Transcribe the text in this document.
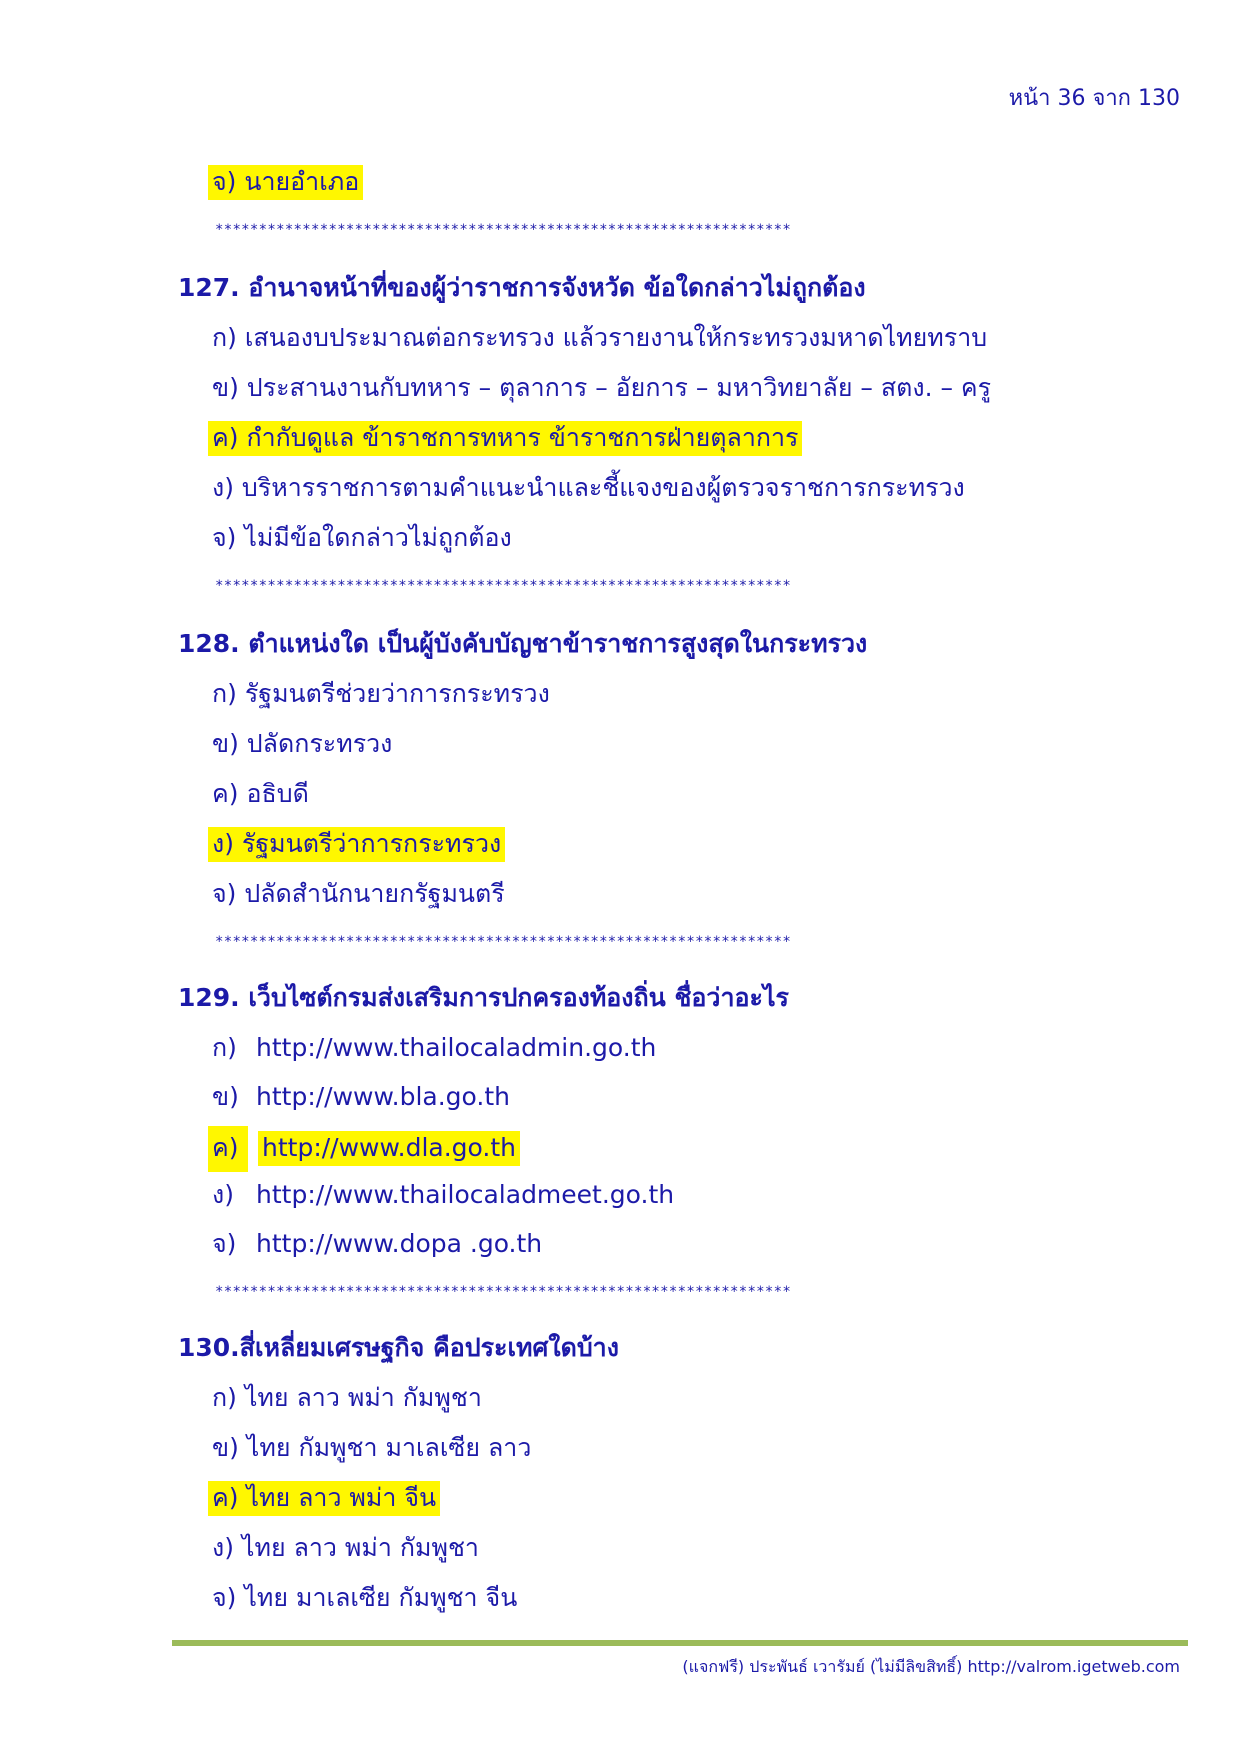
หน้า 36 จาก 130
จ) นายอำเภอ
******************************************************************
127. อำนาจหน้าที่ของผู้ว่าราชการจังหวัด ข้อใดกล่าวไม่ถูกต้อง
ก) เสนองบประมาณต่อกระทรวง แล้วรายงานให้กระทรวงมหาดไทยทราบ
ข) ประสานงานกับทหาร – ตุลาการ – อัยการ – มหาวิทยาลัย – สตง. – ครู
ค) กำกับดูแล ข้าราชการทหาร ข้าราชการฝ่ายตุลาการ
ง) บริหารราชการตามคำแนะนำและชี้แจงของผู้ตรวจราชการกระทรวง
จ) ไม่มีข้อใดกล่าวไม่ถูกต้อง
******************************************************************
128. ตำแหน่งใด เป็นผู้บังคับบัญชาข้าราชการสูงสุดในกระทรวง
ก) รัฐมนตรีช่วยว่าการกระทรวง
ข) ปลัดกระทรวง
ค) อธิบดี
ง) รัฐมนตรีว่าการกระทรวง
จ) ปลัดสำนักนายกรัฐมนตรี
******************************************************************
129. เว็บไซต์กรมส่งเสริมการปกครองท้องถิ่น ชื่อว่าอะไร
ก) http://www.thailocaladmin.go.th
ข) http://www.bla.go.th
ค) http://www.dla.go.th
ง) http://www.thailocaladmeet.go.th
จ) http://www.dopa .go.th
******************************************************************
130.สี่เหลี่ยมเศรษฐกิจ คือประเทศใดบ้าง
ก) ไทย ลาว พม่า กัมพูชา
ข) ไทย กัมพูชา มาเลเซีย ลาว
ค) ไทย ลาว พม่า จีน
ง) ไทย ลาว พม่า กัมพูชา
จ) ไทย มาเลเซีย กัมพูชา จีน
(แจกฟรี) ประพันธ์ เวารัมย์ (ไม่มีลิขสิทธิ์) http://valrom.igetweb.com
